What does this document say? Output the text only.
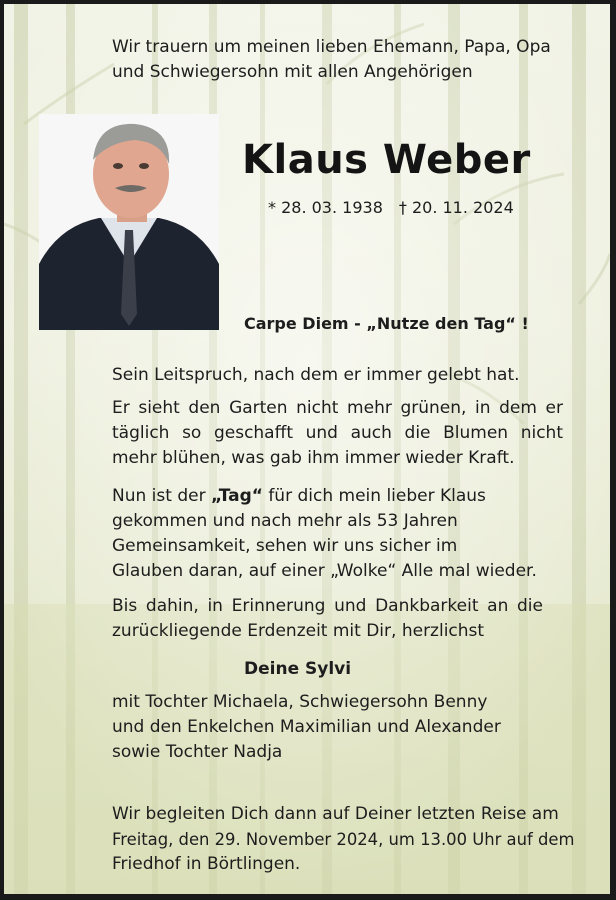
Wir trauern um meinen lieben Ehemann, Papa, Opa

und Schwiegersohn mit allen Angehörigen

Klaus Weber
* 28. 03. 1938 † 20. 11. 2024

Carpe Diem - „Nutze den Tag“ !

Sein Leitspruch, nach dem er immer gelebt hat.

Er sieht den Garten nicht mehr grünen, in dem er

täglich so geschafft und auch die Blumen nicht

mehr blühen, was gab ihm immer wieder Kraft.

Nun ist der „Tag“ für dich mein lieber Klaus

gekommen und nach mehr als 53 Jahren

Gemeinsamkeit, sehen wir uns sicher im

Glauben daran, auf einer „Wolke“ Alle mal wieder.

Bis dahin, in Erinnerung und Dankbarkeit an die

zurückliegende Erdenzeit mit Dir, herzlichst

Deine Sylvi

mit Tochter Michaela, Schwiegersohn Benny

und den Enkelchen Maximilian und Alexander

sowie Tochter Nadja

Wir begleiten Dich dann auf Deiner letzten Reise am

Freitag, den 29. November 2024, um 13.00 Uhr auf dem

Friedhof in Börtlingen.
